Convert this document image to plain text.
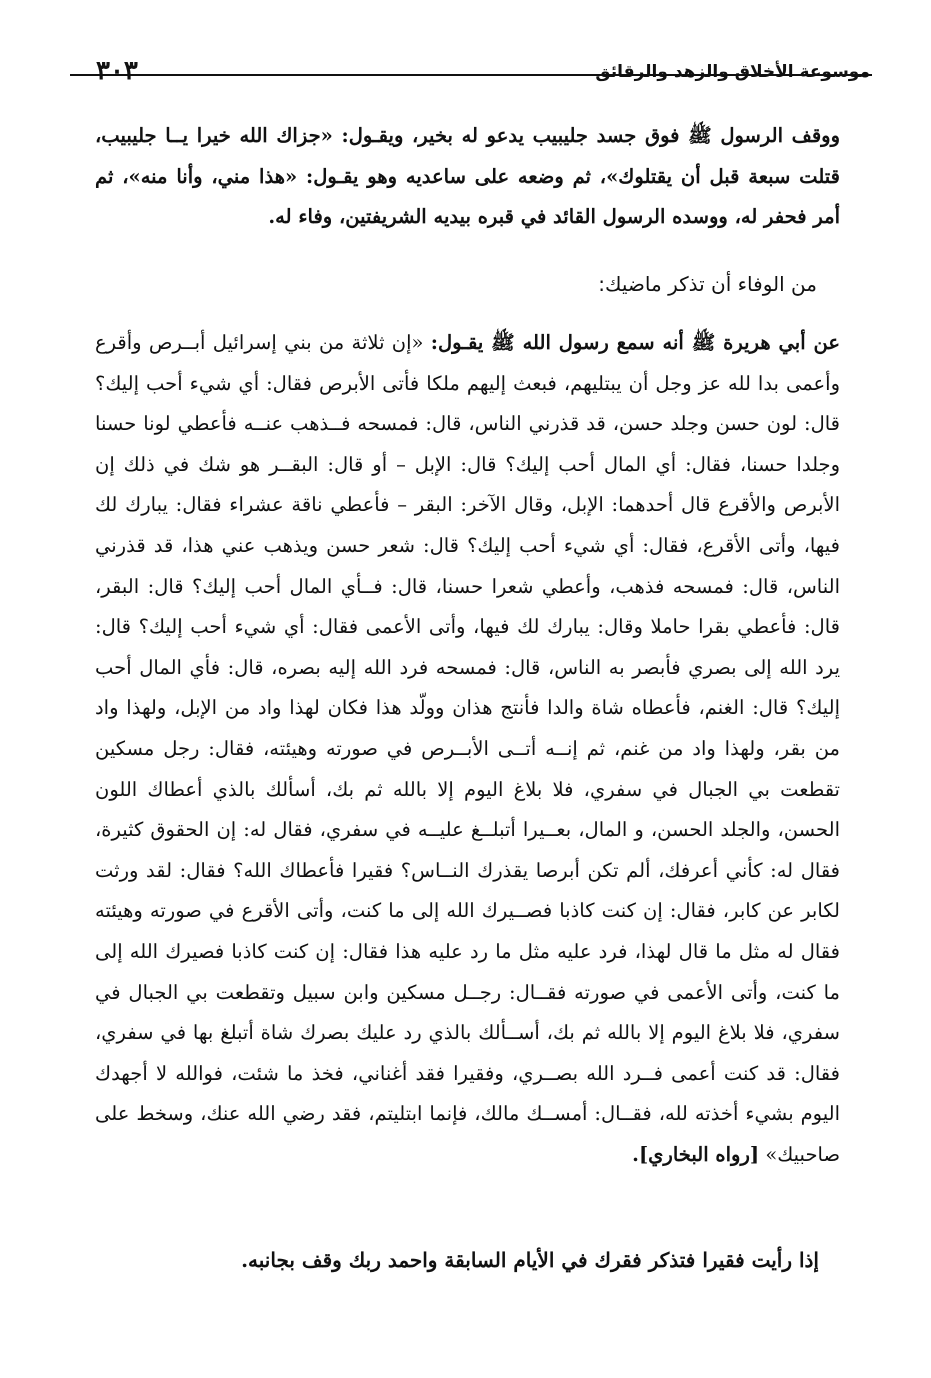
٣٠٣	موسوعة الأخلاق والزهد والرقائق

ووقف الرسول ﷺ فوق جسد جليبيب يدعو له بخير، ويقـول: «جزاك الله خيرا يــا جليبيب، قتلت سبعة قبل أن يقتلوك»، ثم وضعه على ساعديه وهو يقـول: «هذا مني، وأنا منه»، ثم أمر فحفر له، ووسده الرسول القائد في قبره بيديه الشريفتين، وفاء له.

من الوفاء أن تذكر ماضيك:
عن أبي هريرة ﷺ أنه سمع رسول الله ﷺ يقـول: «إن ثلاثة من بني إسرائيل أبــرص وأقرع وأعمى بدا لله عز وجل أن يبتليهم، فبعث إليهم ملكا فأتى الأبرص فقال: أي شيء أحب إليك؟ قال: لون حسن وجلد حسن، قد قذرني الناس، قال: فمسحه فــذهب عنــه فأعطي لونا حسنا وجلدا حسنا، فقال: أي المال أحب إليك؟ قال: الإبل – أو قال: البقــر هو شك في ذلك إن الأبرص والأقرع قال أحدهما: الإبل، وقال الآخر: البقر – فأعطي ناقة عشراء فقال: يبارك لك فيها، وأتى الأقرع، فقال: أي شيء أحب إليك؟ قال: شعر حسن ويذهب عني هذا، قد قذرني الناس، قال: فمسحه فذهب، وأعطي شعرا حسنا، قال: فــأي المال أحب إليك؟ قال: البقر، قال: فأعطي بقرا حاملا وقال: يبارك لك فيها، وأتى الأعمى فقال: أي شيء أحب إليك؟ قال: يرد الله إلى بصري فأبصر به الناس، قال: فمسحه فرد الله إليه بصره، قال: فأي المال أحب إليك؟ قال: الغنم، فأعطاه شاة والدا فأنتج هذان وولّد هذا فكان لهذا واد من الإبل، ولهذا واد من بقر، ولهذا واد من غنم، ثم إنــه أتــى الأبــرص في صورته وهيئته، فقال: رجل مسكين تقطعت بي الجبال في سفري، فلا بلاغ اليوم إلا بالله ثم بك، أسألك بالذي أعطاك اللون الحسن، والجلد الحسن، و المال، بعــيرا أتبلــغ عليــه في سفري، فقال له: إن الحقوق كثيرة، فقال له: كأني أعرفك، ألم تكن أبرصا يقذرك النــاس؟ فقيرا فأعطاك الله؟ فقال: لقد ورثت لكابر عن كابر، فقال: إن كنت كاذبا فصــيرك الله إلى ما كنت، وأتى الأقرع في صورته وهيئته فقال له مثل ما قال لهذا، فرد عليه مثل ما رد عليه هذا فقال: إن كنت كاذبا فصيرك الله إلى ما كنت، وأتى الأعمى في صورته فقــال: رجــل مسكين وابن سبيل وتقطعت بي الجبال في سفري، فلا بلاغ اليوم إلا بالله ثم بك، أســألك بالذي رد عليك بصرك شاة أتبلغ بها في سفري، فقال: قد كنت أعمى فــرد الله بصــري، وفقيرا فقد أغناني، فخذ ما شئت، فوالله لا أجهدك اليوم بشيء أخذته لله، فقــال: أمســك مالك، فإنما ابتليتم، فقد رضي الله عنك، وسخط على صاحبيك» [رواه البخاري].
إذا رأيت فقيرا فتذكر فقرك في الأيام السابقة واحمد ربك وقف بجانبه.
